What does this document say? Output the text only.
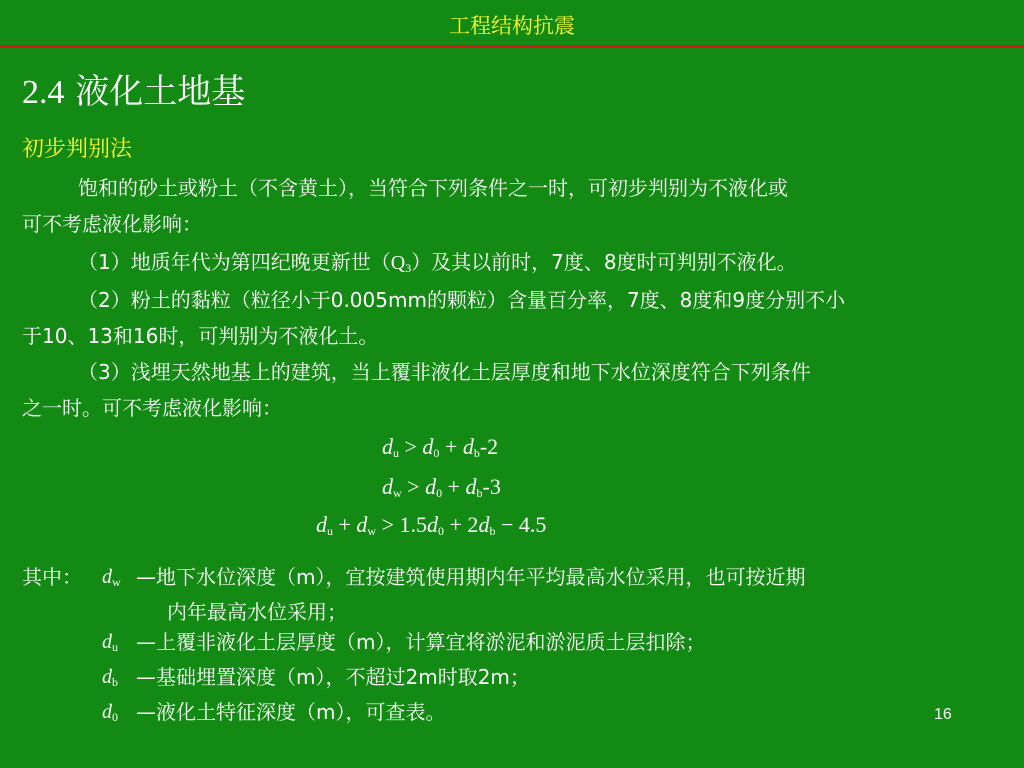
工程结构抗震
2.4 液化土地基
初步判别法
饱和的砂土或粉土（不含黄土），当符合下列条件之一时，可初步判别为不液化或
可不考虑液化影响：
（1）地质年代为第四纪晚更新世$(Q_3)$及其以前时，7度、8度时可判别不液化。
（2）粉土的黏粒（粒径小于0.005mm的颗粒）含量百分率，7度、8度和9度分别不小
于10、13和16时，可判别为不液化土。
（3）浅埋天然地基上的建筑，当上覆非液化土层厚度和地下水位深度符合下列条件
之一时。可不考虑液化影响：
$d_u > d_0 + d_b-2$
$d_w > d_0 + d_b-3$
$d_u + d_w > 1.5d_0 + 2d_b - 4.5$
其中：	$d_w$ —地下水位深度（m），宜按建筑使用期内年平均最高水位采用，也可按近期
内年最高水位采用；
$d_u$ —上覆非液化土层厚度（m），计算宜将淤泥和淤泥质土层扣除；
$d_b$ —基础埋置深度（m），不超过2m时取2m；
$d_0$ —液化土特征深度（m），可查表。	16
